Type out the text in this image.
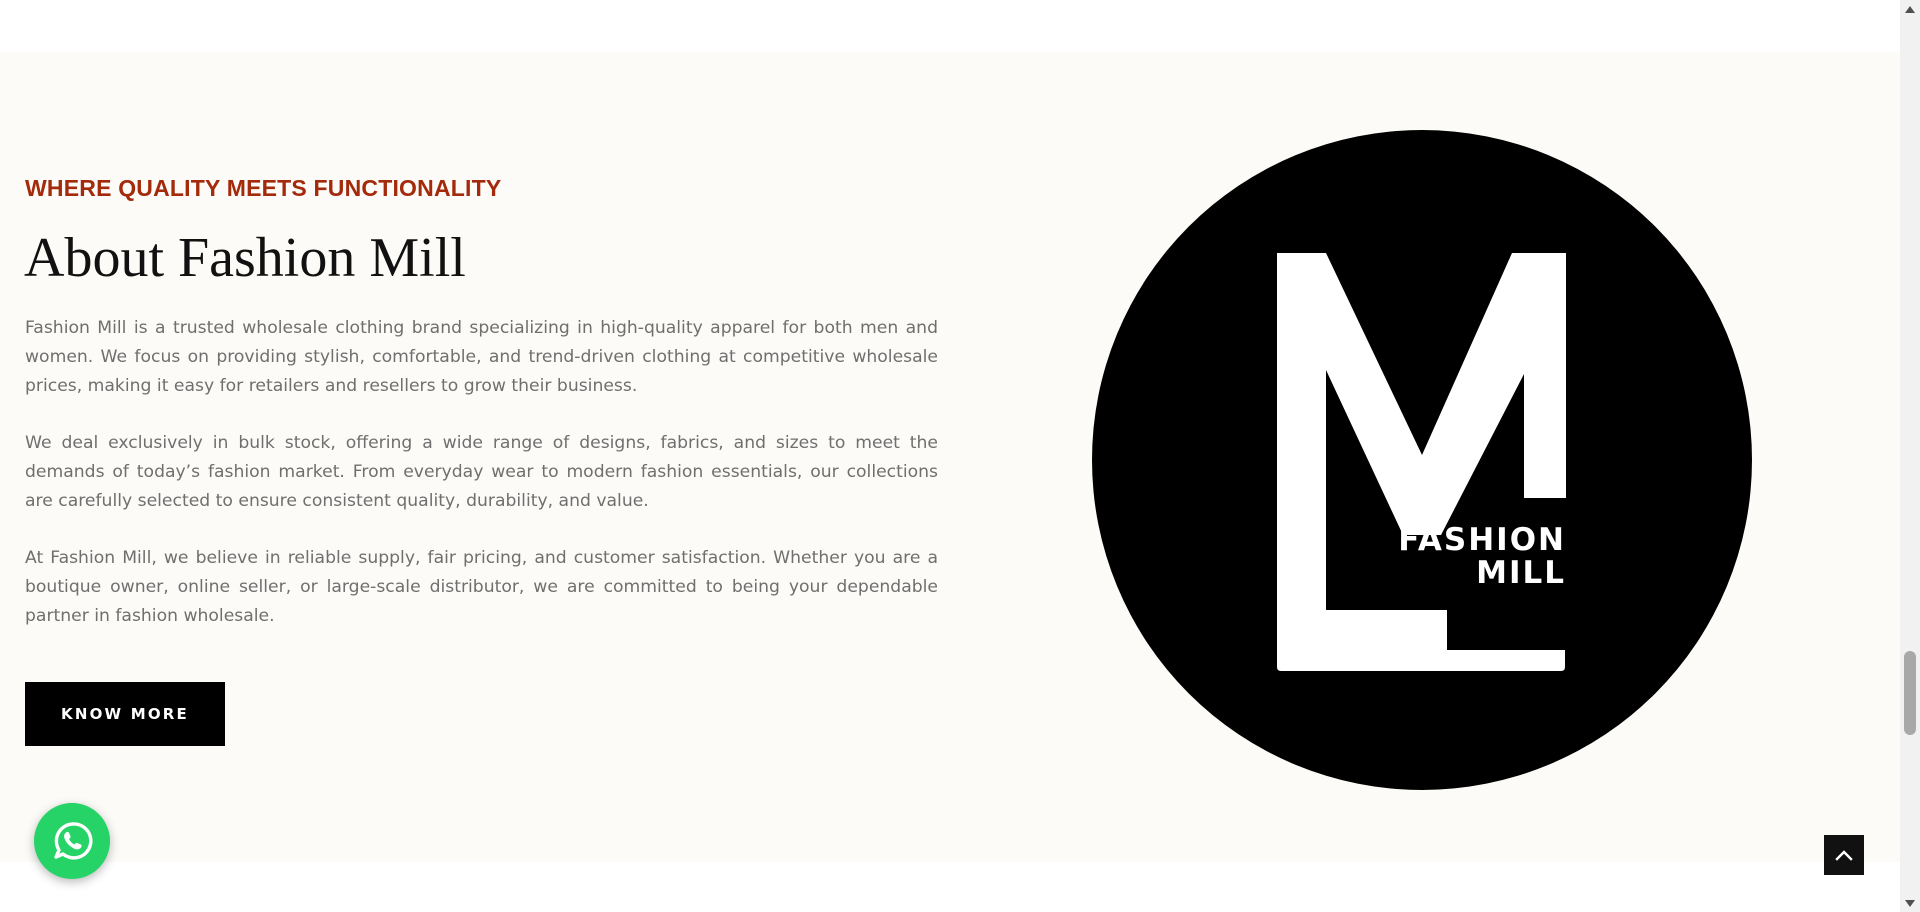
WHERE QUALITY MEETS FUNCTIONALITY
About Fashion Mill

Fashion Mill is a trusted wholesale clothing brand specializing in high-quality apparel for both men and women. We focus on providing stylish, comfortable, and trend-driven clothing at competitive wholesale prices, making it easy for retailers and resellers to grow their business.

We deal exclusively in bulk stock, offering a wide range of designs, fabrics, and sizes to meet the demands of today’s fashion market. From everyday wear to modern fashion essentials, our collections are carefully selected to ensure consistent quality, durability, and value.

At Fashion Mill, we believe in reliable supply, fair pricing, and customer satisfaction. Whether you are a boutique owner, online seller, or large-scale distributor, we are committed to being your dependable partner in fashion wholesale.

KNOW MORE
FASHION
MILL
